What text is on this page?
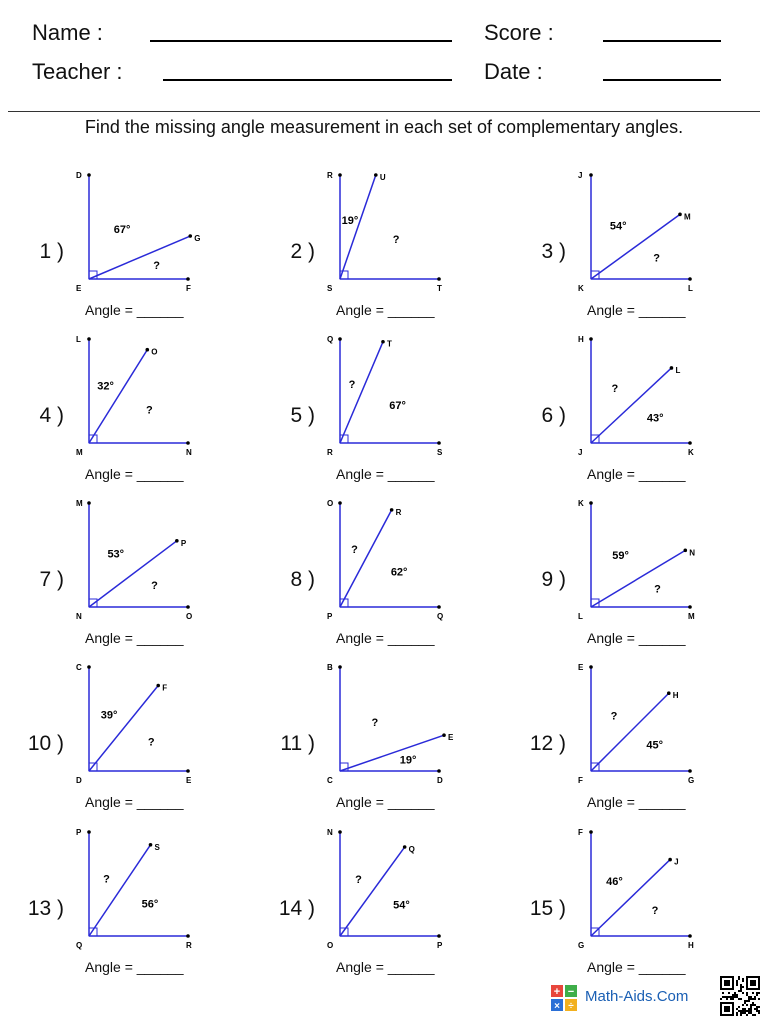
Name :
Teacher :
Score :
Date :
Find the missing angle measurement in each set of complementary angles.
1 )
D
E	F
G
67°
?
Angle = ______
2 )
R
S	T
U
19°
?
Angle = ______
3 )
J
K	L
M
54°
?
Angle = ______
4 )
L
M	N
O
32°
?
Angle = ______
5 )
Q
R	S
T
?
67°
Angle = ______
6 )
H
J	K
L
?
43°
Angle = ______
7 )
M
N	O
P
53°
?
Angle = ______
8 )
O
P	Q
R
?
62°
Angle = ______
9 )
K
L	M
N
59°
?
Angle = ______
10 )
C
D	E
F
39°
?
Angle = ______
11 )
B
C	D
E
?
19°
Angle = ______
12 )
E
F	G
H
?
45°
Angle = ______
13 )
P
Q	R
S
?
56°
Angle = ______
14 )
N
O	P
Q
?
54°
Angle = ______
15 )
F
G	H
J
46°
?
Angle = ______
+ −
× ÷
Math-Aids.Com
